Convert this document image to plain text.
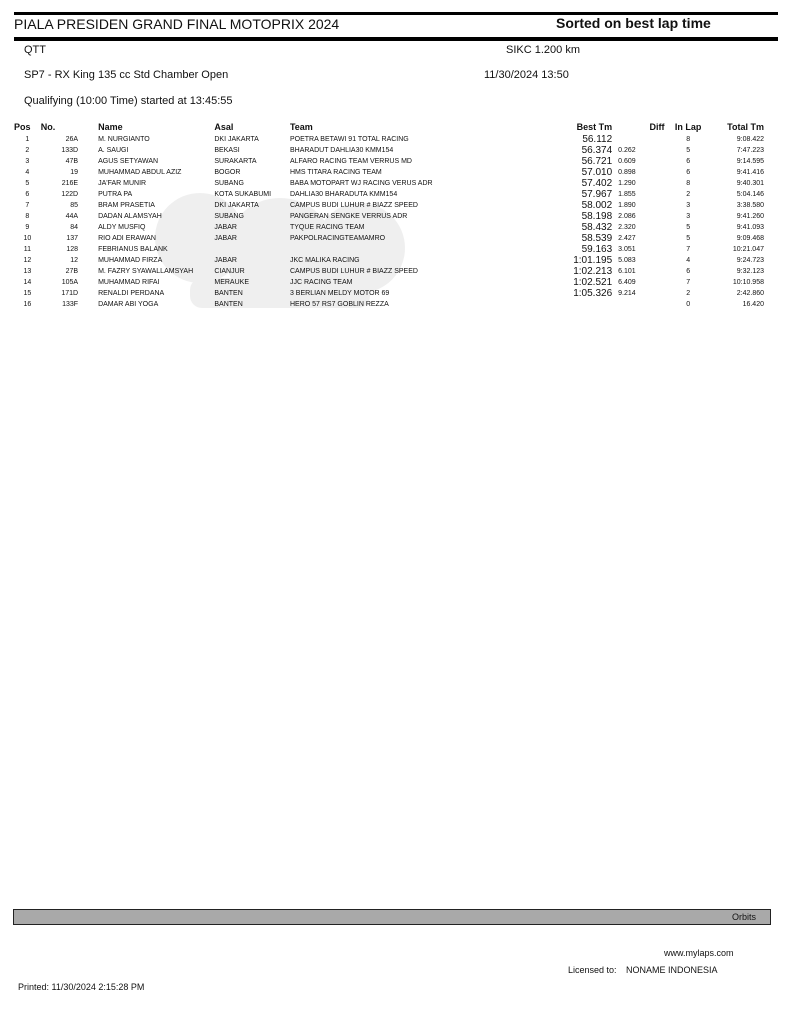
PIALA PRESIDEN GRAND FINAL MOTOPRIX 2024	Sorted on best lap time
QTT	SIKC 1.200 km
SP7 - RX King 135 cc Std Chamber Open	11/30/2024 13:50
Qualifying (10:00 Time) started at 13:45:55
Pos	No.	Name	Asal	Team	Best Tm	Diff	In Lap	Total Tm
1	26A	M. NURGIANTO	DKI JAKARTA	POETRA BETAWI 91 TOTAL RACING	56.112		8	9:08.422
2	133D	A. SAUGI	BEKASI	BHARADUT DAHLIA30 KMM154	56.374	0.262	5	7:47.223
3	47B	AGUS SETYAWAN	SURAKARTA	ALFARO RACING TEAM VERRUS MD	56.721	0.609	6	9:14.595
4	19	MUHAMMAD ABDUL AZIZ	BOGOR	HMS TITARA RACING TEAM	57.010	0.898	6	9:41.416
5	216E	JA'FAR MUNIR	SUBANG	BABA MOTOPART WJ RACING VERUS ADR	57.402	1.290	8	9:40.301
6	122D	PUTRA PA	KOTA SUKABUMI	DAHLIA30 BHARADUTA KMM154	57.967	1.855	2	5:04.146
7	85	BRAM PRASETIA	DKI JAKARTA	CAMPUS BUDI LUHUR # BIAZZ SPEED	58.002	1.890	3	3:38.580
8	44A	DADAN ALAMSYAH	SUBANG	PANGERAN SENGKE VERRUS ADR	58.198	2.086	3	9:41.260
9	84	ALDY MUSFIQ	JABAR	TYQUE RACING TEAM	58.432	2.320	5	9:41.093
10	137	RIO ADI ERAWAN	JABAR	PAKPOLRACINGTEAMAMRO	58.539	2.427	5	9:09.468
11	128	FEBRIANUS BALANK			59.163	3.051	7	10:21.047
12	12	MUHAMMAD FIRZA	JABAR	JKC MALIKA RACING	1:01.195	5.083	4	9:24.723
13	27B	M. FAZRY SYAWALLAMSYAH	CIANJUR	CAMPUS BUDI LUHUR # BIAZZ SPEED	1:02.213	6.101	6	9:32.123
14	105A	MUHAMMAD RIFAI	MERAUKE	JJC RACING TEAM	1:02.521	6.409	7	10:10.958
15	171D	RENALDI PERDANA	BANTEN	3 BERLIAN MELDY MOTOR 69	1:05.326	9.214	2	2:42.860
16	133F	DAMAR ABI YOGA	BANTEN	HERO 57 RS7 GOBLIN REZZA			0	16.420
Orbits
www.mylaps.com
Licensed to: NONAME INDONESIA
Printed: 11/30/2024 2:15:28 PM
